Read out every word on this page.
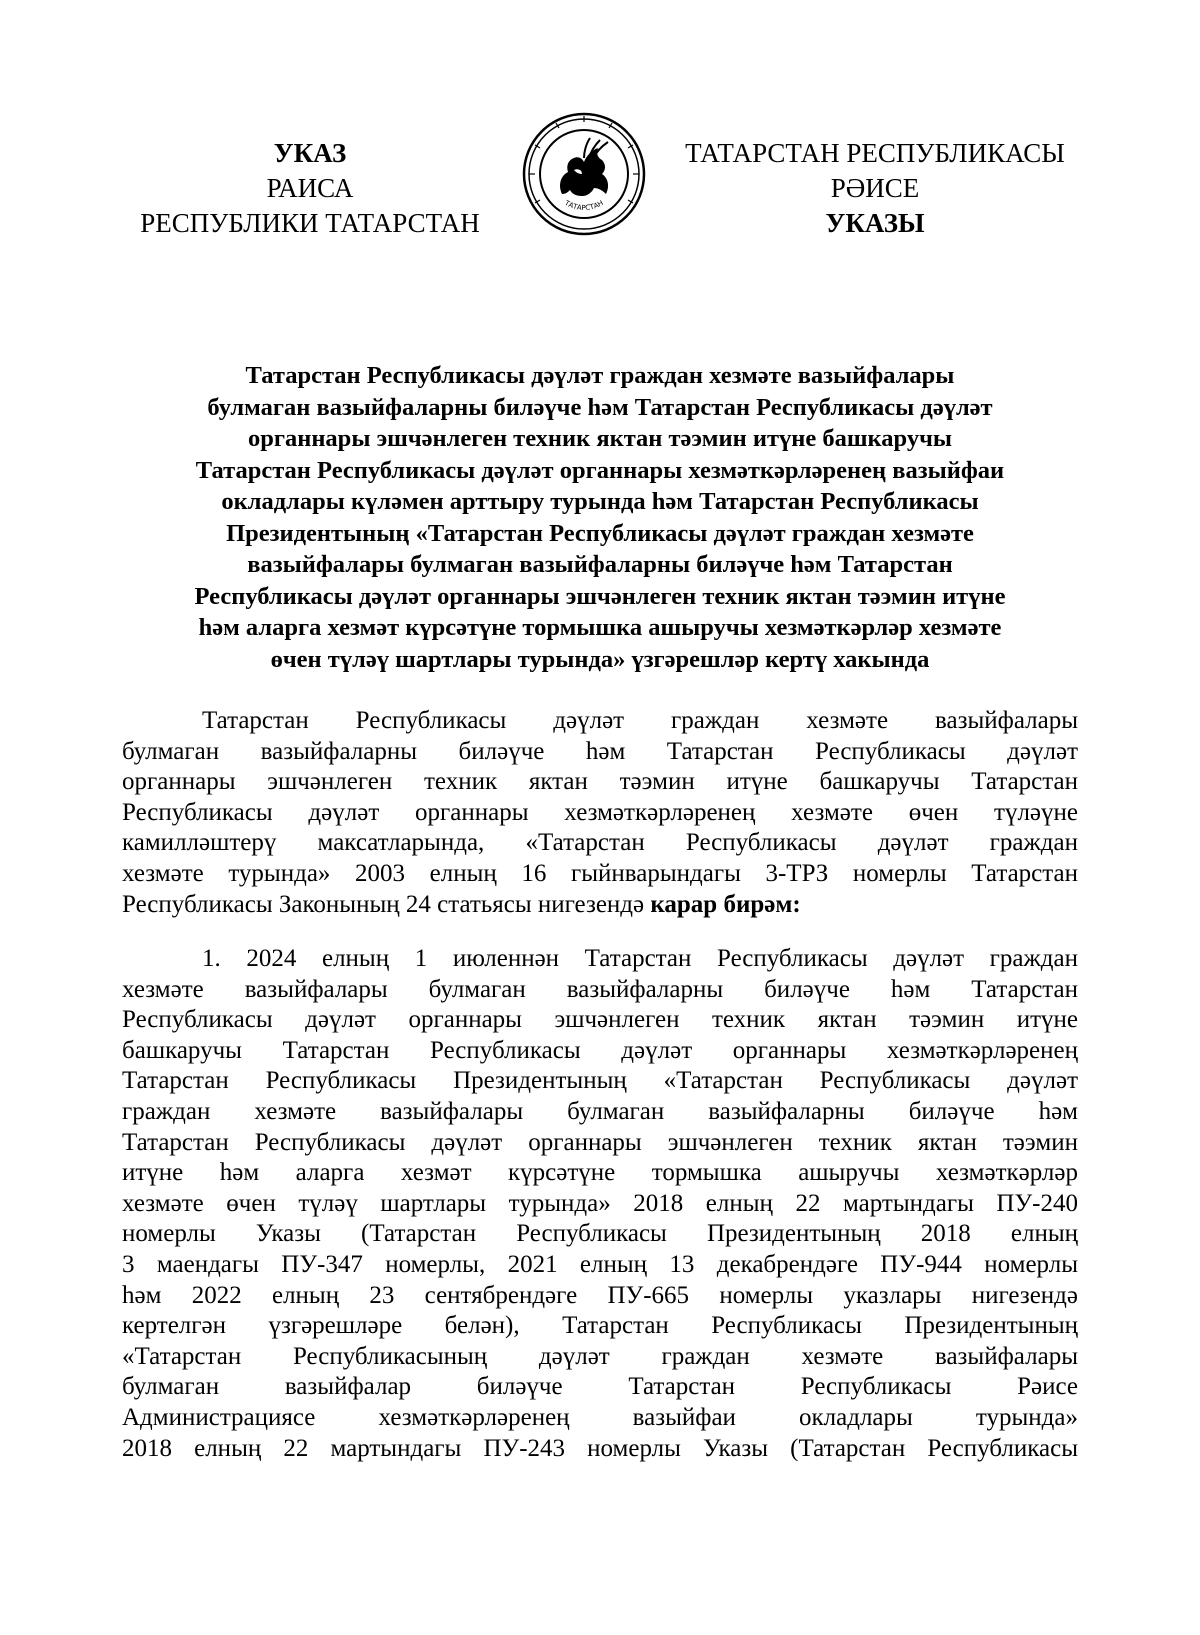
УКАЗ
РАИСА
РЕСПУБЛИКИ ТАТАРСТАН
ТАТАРСТАН
ТАТАРСТАН РЕСПУБЛИКАСЫ
РӘИСЕ
УКАЗЫ
Татарстан Республикасы дәүләт граждан хезмәте вазыйфалары
булмаган вазыйфаларны биләүче һәм Татарстан Республикасы дәүләт
органнары эшчәнлеген техник яктан тәэмин итүне башкаручы
Татарстан Республикасы дәүләт органнары хезмәткәрләренең вазыйфаи
окладлары күләмен арттыру турында һәм Татарстан Республикасы
Президентының «Татарстан Республикасы дәүләт граждан хезмәте
вазыйфалары булмаган вазыйфаларны биләүче һәм Татарстан
Республикасы дәүләт органнары эшчәнлеген техник яктан тәэмин итүне
һәм аларга хезмәт күрсәтүне тормышка ашыручы хезмәткәрләр хезмәте
өчен түләү шартлары турында» үзгәрешләр кертү хакында
Татарстан Республикасы дәүләт граждан хезмәте вазыйфалары
булмаган вазыйфаларны биләүче һәм Татарстан Республикасы дәүләт
органнары эшчәнлеген техник яктан тәэмин итүне башкаручы Татарстан
Республикасы дәүләт органнары хезмәткәрләренең хезмәте өчен түләүне
камилләштерү максатларында, «Татарстан Республикасы дәүләт граждан
хезмәте турында» 2003 елның 16 гыйнварындагы 3-ТРЗ номерлы Татарстан
Республикасы Законының 24 статьясы нигезендә карар бирәм:
1. 2024 елның 1 июленнән Татарстан Республикасы дәүләт граждан
хезмәте вазыйфалары булмаган вазыйфаларны биләүче һәм Татарстан
Республикасы дәүләт органнары эшчәнлеген техник яктан тәэмин итүне
башкаручы Татарстан Республикасы дәүләт органнары хезмәткәрләренең
Татарстан Республикасы Президентының «Татарстан Республикасы дәүләт
граждан хезмәте вазыйфалары булмаган вазыйфаларны биләүче һәм
Татарстан Республикасы дәүләт органнары эшчәнлеген техник яктан тәэмин
итүне һәм аларга хезмәт күрсәтүне тормышка ашыручы хезмәткәрләр
хезмәте өчен түләү шартлары турында» 2018 елның 22 мартындагы ПУ-240
номерлы Указы (Татарстан Республикасы Президентының 2018 елның
3 маендагы ПУ-347 номерлы, 2021 елның 13 декабрендәге ПУ-944 номерлы
һәм 2022 елның 23 сентябрендәге ПУ-665 номерлы указлары нигезендә
кертелгән үзгәрешләре белән), Татарстан Республикасы Президентының
«Татарстан Республикасының дәүләт граждан хезмәте вазыйфалары
булмаган вазыйфалар биләүче Татарстан Республикасы Рәисе
Администрациясе хезмәткәрләренең вазыйфаи окладлары турында»
2018 елның 22 мартындагы ПУ-243 номерлы Указы (Татарстан Республикасы
